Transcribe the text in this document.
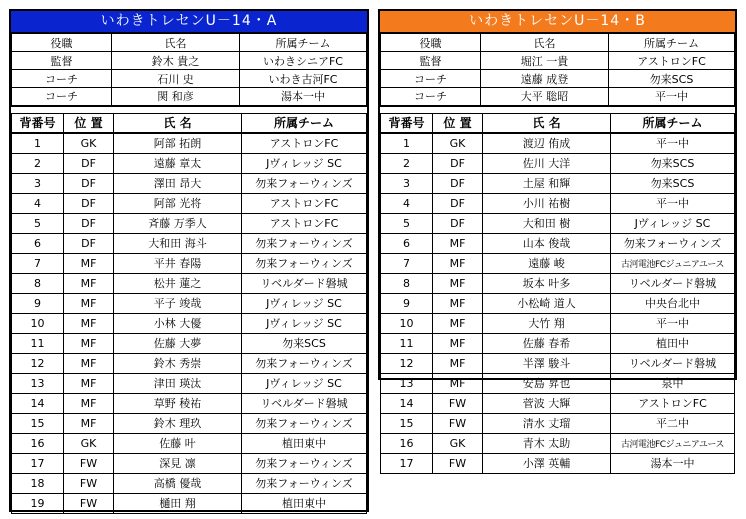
いわきトレセンU－14・A
役職	氏名	所属チーム
監督	鈴木 貴之	いわきシニアFC
コーチ	石川 史	いわき古河FC
コーチ	関 和彦	湯本一中
背番号	位 置	氏 名	所属チーム
1	GK	阿部 拓朗	アストロンFC
2	DF	遠藤 章太	Jヴィレッジ SC
3	DF	澤田 昂大	勿来フォーウィンズ
4	DF	阿部 光将	アストロンFC
5	DF	斉藤 万季人	アストロンFC
6	DF	大和田 海斗	勿来フォーウィンズ
7	MF	平井 春陽	勿来フォーウィンズ
8	MF	松井 蓮之	リベルダード磐城
9	MF	平子 竣哉	Jヴィレッジ SC
10	MF	小林 大優	Jヴィレッジ SC
11	MF	佐藤 大夢	勿来SCS
12	MF	鈴木 秀崇	勿来フォーウィンズ
13	MF	津田 瑛汰	Jヴィレッジ SC
14	MF	草野 稜祐	リベルダード磐城
15	MF	鈴木 理玖	勿来フォーウィンズ
16	GK	佐藤 叶	植田東中
17	FW	深見 凛	勿来フォーウィンズ
18	FW	高橋 優哉	勿来フォーウィンズ
19	FW	樋田 翔	植田東中
いわきトレセンU－14・B
役職	氏名	所属チーム
監督	堀江 一貴	アストロンFC
コーチ	遠藤 成登	勿来SCS
コーチ	大平 聡昭	平一中
背番号	位 置	氏 名	所属チーム
1	GK	渡辺 侑成	平一中
2	DF	佐川 大洋	勿来SCS
3	DF	土屋 和輝	勿来SCS
4	DF	小川 祐樹	平一中
5	DF	大和田 樹	Jヴィレッジ SC
6	MF	山本 俊哉	勿来フォーウィンズ
7	MF	遠藤 峻	古河電池FCジュニアユース
8	MF	坂本 叶多	リベルダード磐城
9	MF	小松崎 道人	中央台北中
10	MF	大竹 翔	平一中
11	MF	佐藤 春希	植田中
12	MF	半澤 駿斗	リベルダード磐城
13	MF	安島 昇也	泉中
14	FW	菅波 大輝	アストロンFC
15	FW	清水 丈瑠	平二中
16	GK	青木 太助	古河電池FCジュニアユース
17	FW	小澤 英輔	湯本一中
